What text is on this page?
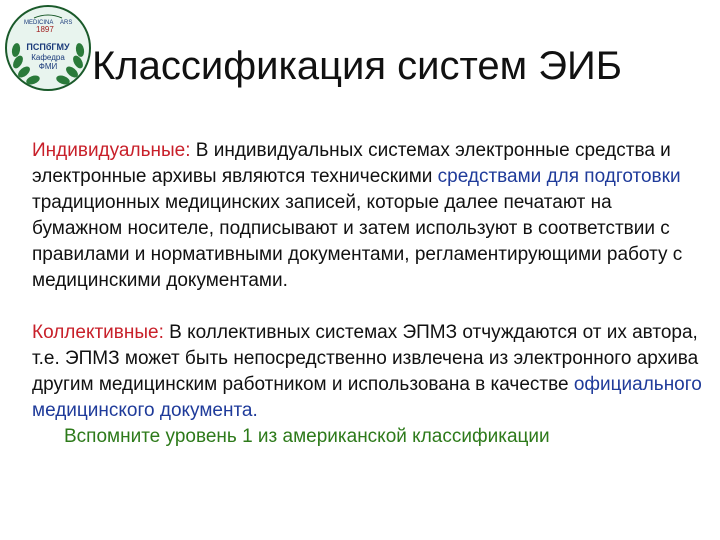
MEDICINA ARS
1897
ПСПбГМУ
Кафедра
ФМИ Классификация систем ЭИБ

Индивидуальные: В индивидуальных системах электронные средства и электронные архивы являются техническими средствами для подготовки традиционных медицинских записей, которые далее печатают на бумажном носителе, подписывают и затем используют в соответствии с правилами и нормативными документами, регламентирующими работу с медицинскими документами.

Коллективные: В коллективных системах ЭПМЗ отчуждаются от их автора, т.е. ЭПМЗ может быть непосредственно извлечена из электронного архива другим медицинским работником и использована в качестве официального медицинского документа.

Вспомните уровень 1 из американской классификации
